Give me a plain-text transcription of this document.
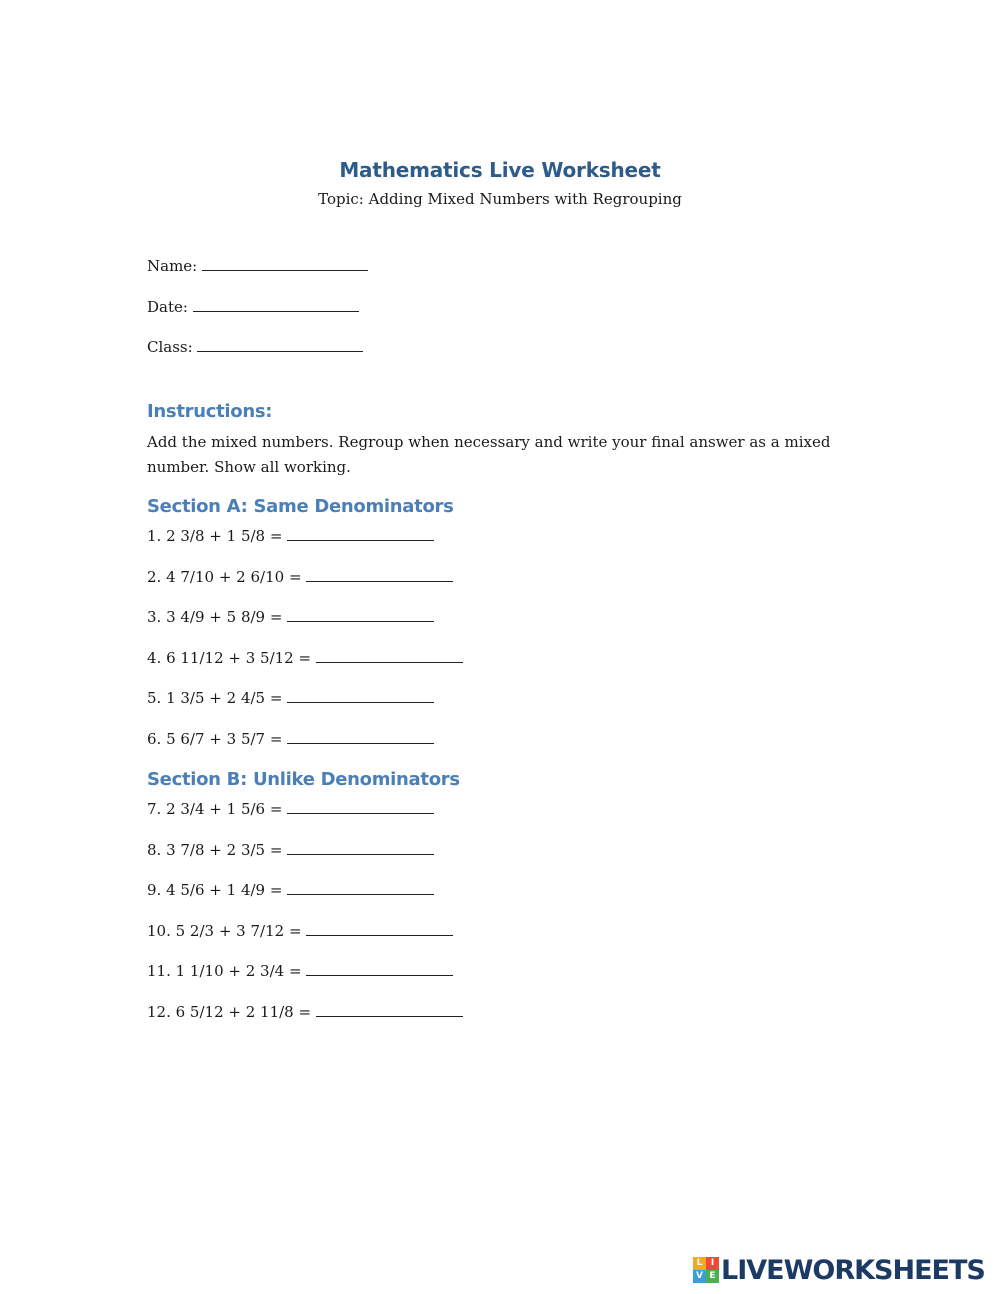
Mathematics Live Worksheet
Topic: Adding Mixed Numbers with Regrouping
Name:
Date:
Class:
Instructions:
Add the mixed numbers. Regroup when necessary and write your final answer as a mixed number. Show all working.
Section A: Same Denominators
1. 2 3/8 + 1 5/8 =
2. 4 7/10 + 2 6/10 =
3. 3 4/9 + 5 8/9 =
4. 6 11/12 + 3 5/12 =
5. 1 3/5 + 2 4/5 =
6. 5 6/7 + 3 5/7 =
Section B: Unlike Denominators
7. 2 3/4 + 1 5/6 =
8. 3 7/8 + 2 3/5 =
9. 4 5/6 + 1 4/9 =
10. 5 2/3 + 3 7/12 =
11. 1 1/10 + 2 3/4 =
12. 6 5/12 + 2 11/8 =
L I
V E LIVEWORKSHEETS
